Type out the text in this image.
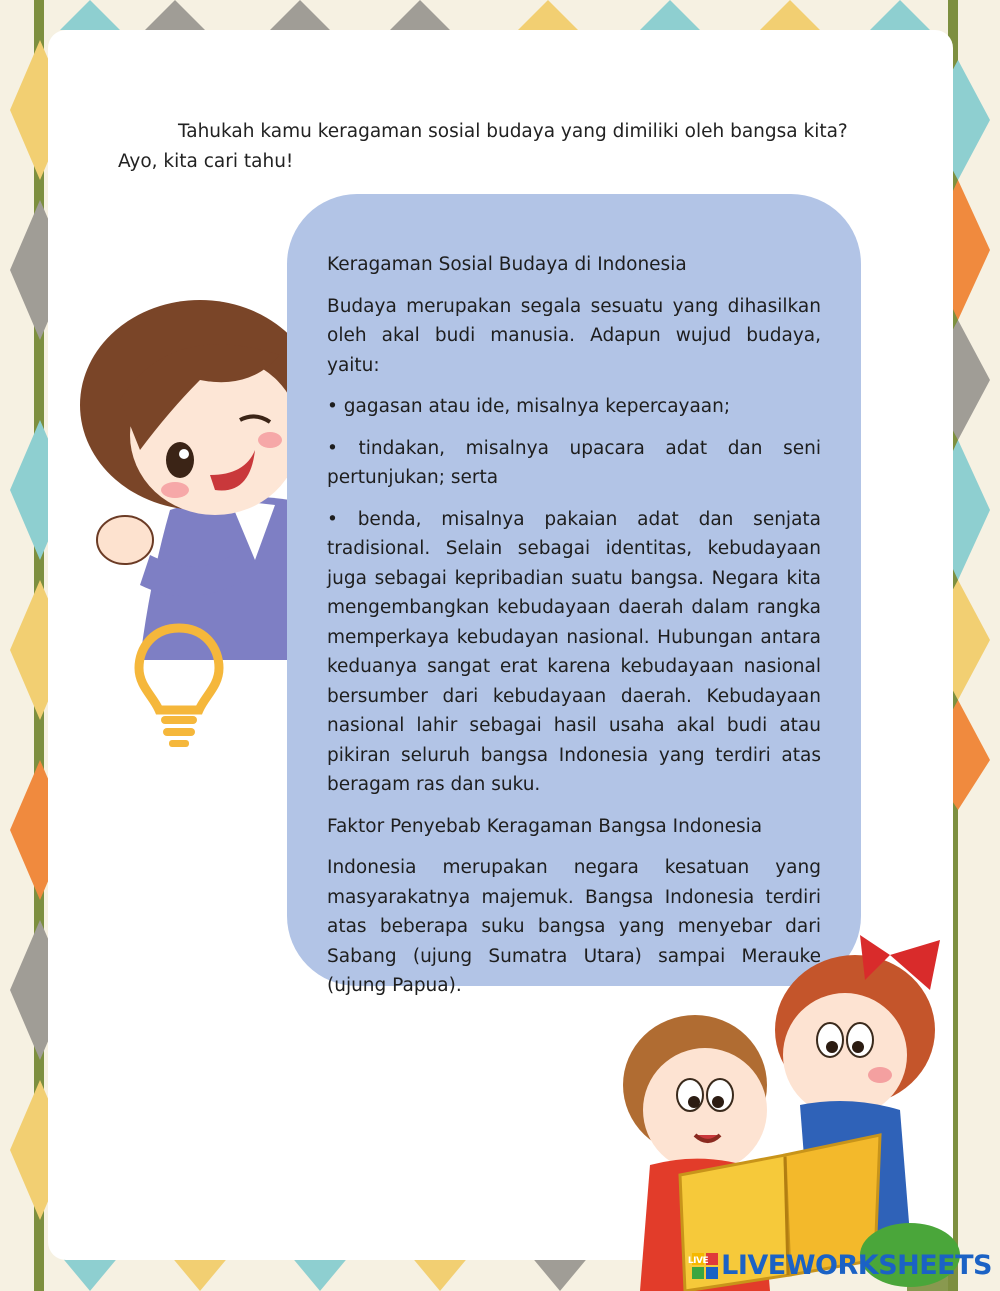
Tahukah kamu keragaman sosial budaya yang dimiliki oleh bangsa kita? Ayo, kita cari tahu!

Keragaman Sosial Budaya di Indonesia

Budaya merupakan segala sesuatu yang dihasilkan oleh akal budi manusia. Adapun wujud budaya, yaitu:

• gagasan atau ide, misalnya kepercayaan;

• tindakan, misalnya upacara adat dan seni pertunjukan; serta

• benda, misalnya pakaian adat dan senjata tradisional. Selain sebagai identitas, kebudayaan juga sebagai kepribadian suatu bangsa. Negara kita mengembangkan kebudayaan daerah dalam rangka memperkaya kebudayan nasional. Hubungan antara keduanya sangat erat karena kebudayaan nasional bersumber dari kebudayaan daerah. Kebudayaan nasional lahir sebagai hasil usaha akal budi atau pikiran seluruh bangsa Indonesia yang terdiri atas beragam ras dan suku.

Faktor Penyebab Keragaman Bangsa Indonesia

Indonesia merupakan negara kesatuan yang masyarakatnya majemuk. Bangsa Indonesia terdiri atas beberapa suku bangsa yang menyebar dari Sabang (ujung Sumatra Utara) sampai Merauke (ujung Papua).

LIVE LIVEWORKSHEETS
